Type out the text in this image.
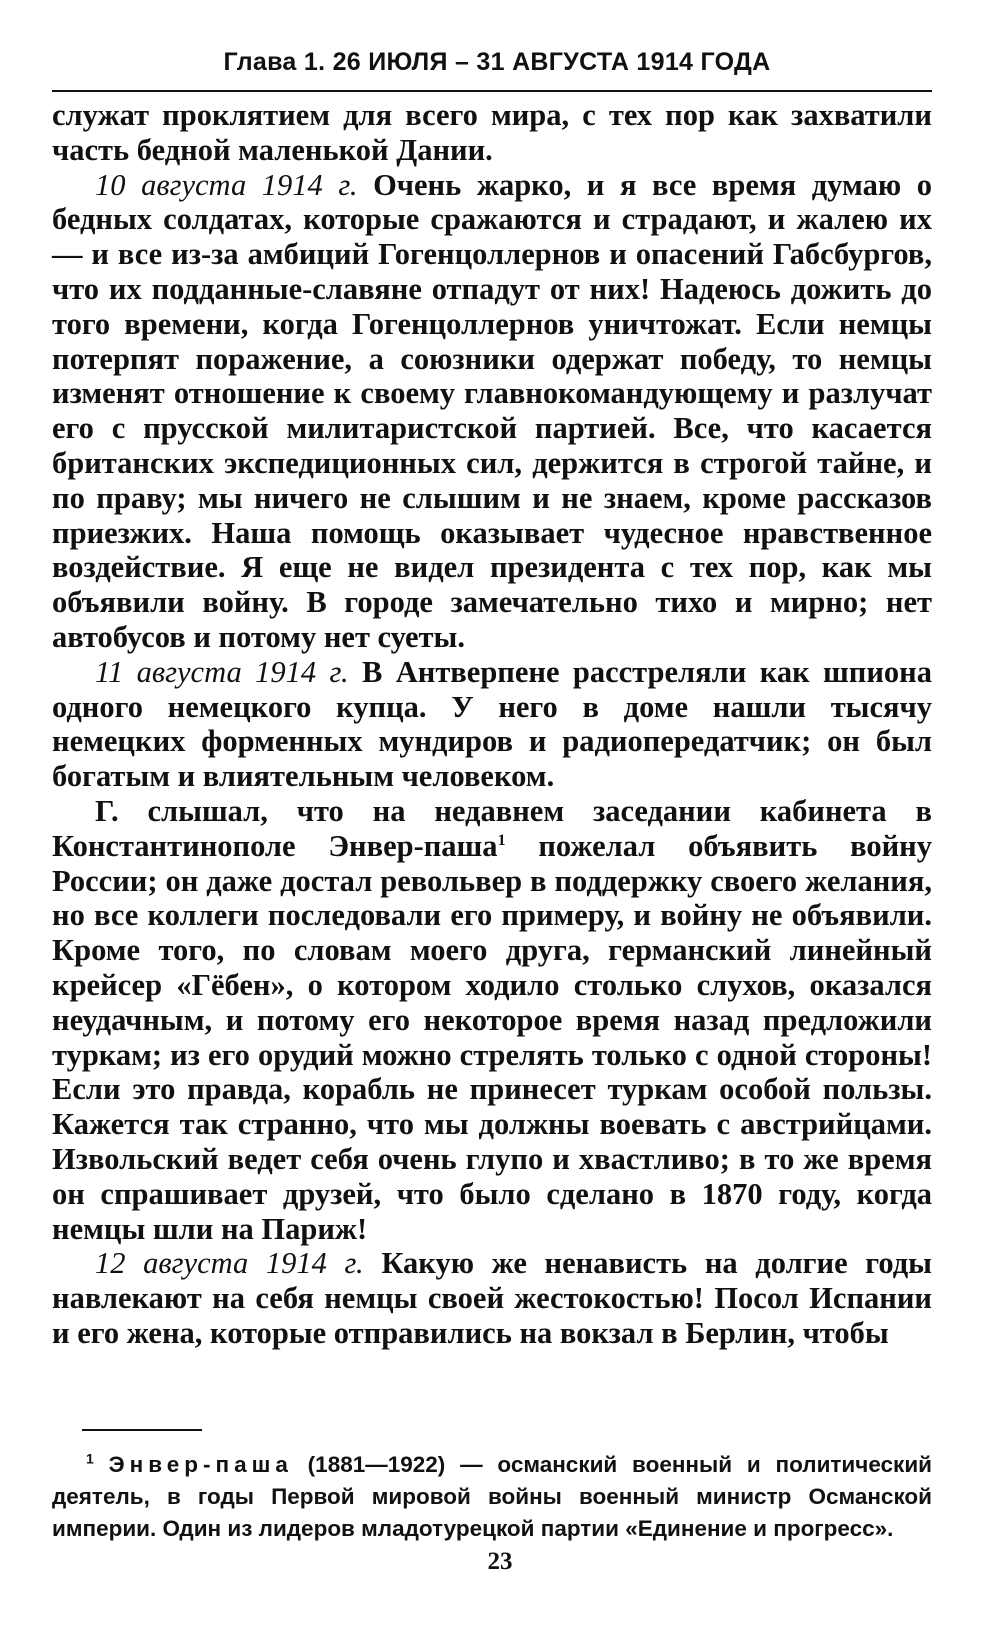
Глава 1. 26 ИЮЛЯ – 31 АВГУСТА 1914 ГОДА

служат проклятием для всего мира, с тех пор как захватили часть бедной маленькой Дании.

10 августа 1914 г. Очень жарко, и я все время думаю о бедных солдатах, которые сражаются и страдают, и жалею их — и все из-за амбиций Гогенцоллернов и опасений Габсбургов, что их подданные-славяне отпадут от них! Надеюсь дожить до того времени, когда Гогенцоллернов уничтожат. Если немцы потерпят поражение, а союзники одержат победу, то немцы изменят отношение к своему главнокомандующему и разлучат его с прусской милитаристской партией. Все, что касается британских экспедиционных сил, держится в строгой тайне, и по праву; мы ничего не слышим и не знаем, кроме рассказов приезжих. Наша помощь оказывает чудесное нравственное воздействие. Я еще не видел президента с тех пор, как мы объявили войну. В городе замечательно тихо и мирно; нет автобусов и потому нет суеты.

11 августа 1914 г. В Антверпене расстреляли как шпиона одного немецкого купца. У него в доме нашли тысячу немецких форменных мундиров и радиопередатчик; он был богатым и влиятельным человеком.

Г. слышал, что на недавнем заседании кабинета в Константинополе Энвер-паша$^1$ пожелал объявить войну России; он даже достал револьвер в поддержку своего желания, но все коллеги последовали его примеру, и войну не объявили. Кроме того, по словам моего друга, германский линейный крейсер «Гёбен», о котором ходило столько слухов, оказался неудачным, и потому его некоторое время назад предложили туркам; из его орудий можно стрелять только с одной стороны! Если это правда, корабль не принесет туркам особой пользы. Кажется так странно, что мы должны воевать с австрийцами. Извольский ведет себя очень глупо и хвастливо; в то же время он спрашивает друзей, что было сделано в 1870 году, когда немцы шли на Париж!

12 августа 1914 г. Какую же ненависть на долгие годы навлекают на себя немцы своей жестокостью! Посол Испании и его жена, которые отправились на вокзал в Берлин, чтобы

$^1$ Энвер-паша (1881—1922) — османский военный и политический деятель, в годы Первой мировой войны военный министр Османской империи. Один из лидеров младотурецкой партии «Единение и прогресс».

23
